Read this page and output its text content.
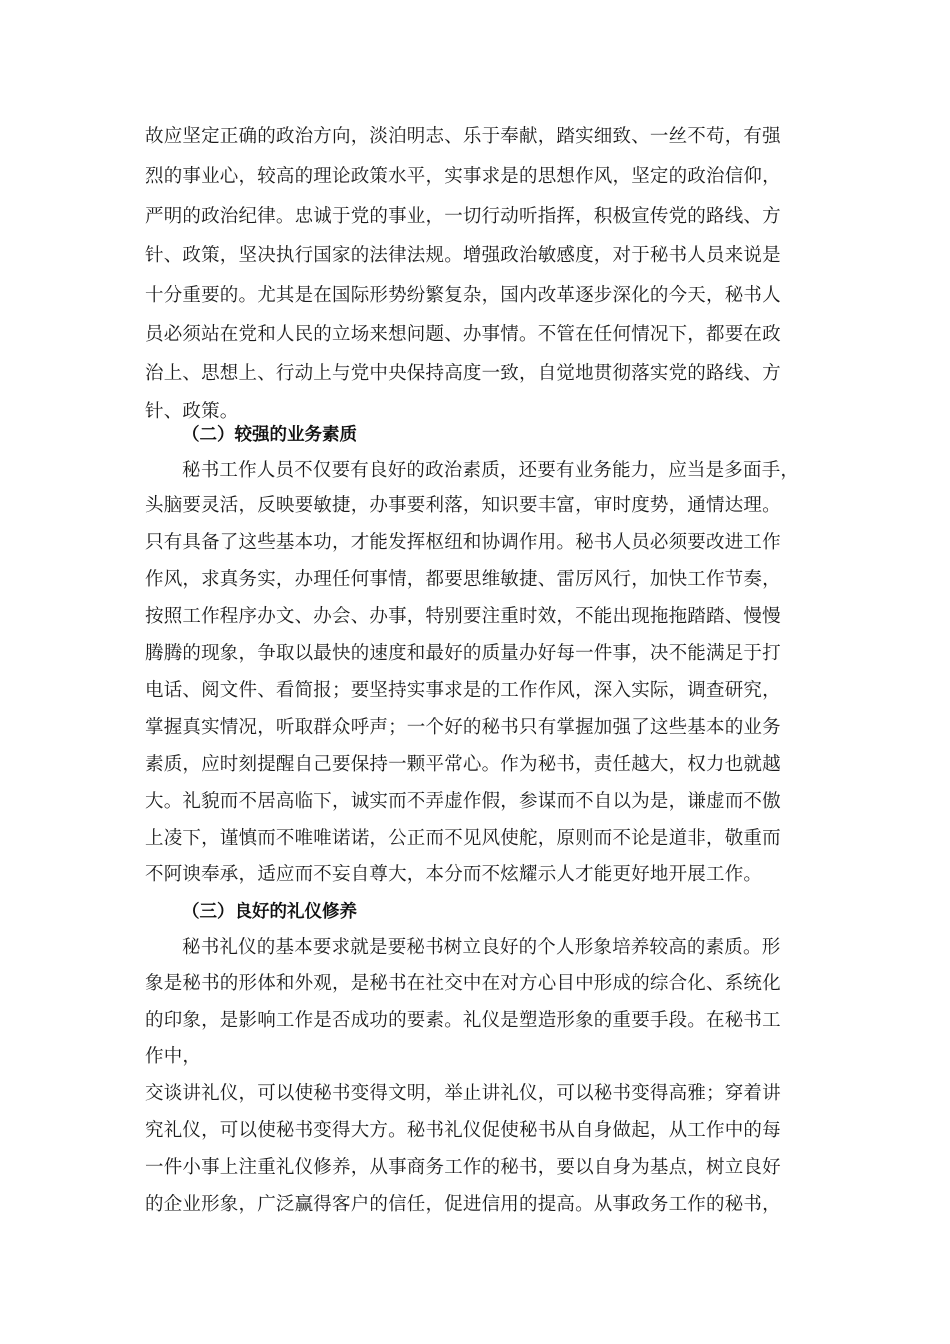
故应坚定正确的政治方向，淡泊明志、乐于奉献，踏实细致、一丝不苟，有强
烈的事业心，较高的理论政策水平，实事求是的思想作风，坚定的政治信仰，
严明的政治纪律。忠诚于党的事业，一切行动听指挥，积极宣传党的路线、方
针、政策，坚决执行国家的法律法规。增强政治敏感度，对于秘书人员来说是
十分重要的。尤其是在国际形势纷繁复杂，国内改革逐步深化的今天，秘书人
员必须站在党和人民的立场来想问题、办事情。不管在任何情况下，都要在政
治上、思想上、行动上与党中央保持高度一致，自觉地贯彻落实党的路线、方
针、政策。
（二）较强的业务素质
秘书工作人员不仅要有良好的政治素质，还要有业务能力，应当是多面手，
头脑要灵活，反映要敏捷，办事要利落，知识要丰富，审时度势，通情达理。
只有具备了这些基本功，才能发挥枢纽和协调作用。秘书人员必须要改进工作
作风，求真务实，办理任何事情，都要思维敏捷、雷厉风行，加快工作节奏，
按照工作程序办文、办会、办事，特别要注重时效，不能出现拖拖踏踏、慢慢
腾腾的现象，争取以最快的速度和最好的质量办好每一件事，决不能满足于打
电话、阅文件、看简报；要坚持实事求是的工作作风，深入实际，调查研究，
掌握真实情况，听取群众呼声；一个好的秘书只有掌握加强了这些基本的业务
素质，应时刻提醒自己要保持一颗平常心。作为秘书，责任越大，权力也就越
大。礼貌而不居高临下，诚实而不弄虚作假，参谋而不自以为是，谦虚而不傲
上凌下，谨慎而不唯唯诺诺，公正而不见风使舵，原则而不论是道非，敬重而
不阿谀奉承，适应而不妄自尊大，本分而不炫耀示人才能更好地开展工作。
（三）良好的礼仪修养
秘书礼仪的基本要求就是要秘书树立良好的个人形象培养较高的素质。形
象是秘书的形体和外观，是秘书在社交中在对方心目中形成的综合化、系统化
的印象，是影响工作是否成功的要素。礼仪是塑造形象的重要手段。在秘书工
作中，
交谈讲礼仪，可以使秘书变得文明，举止讲礼仪，可以秘书变得高雅；穿着讲
究礼仪，可以使秘书变得大方。秘书礼仪促使秘书从自身做起，从工作中的每
一件小事上注重礼仪修养，从事商务工作的秘书，要以自身为基点，树立良好
的企业形象，广泛赢得客户的信任，促进信用的提高。从事政务工作的秘书，
